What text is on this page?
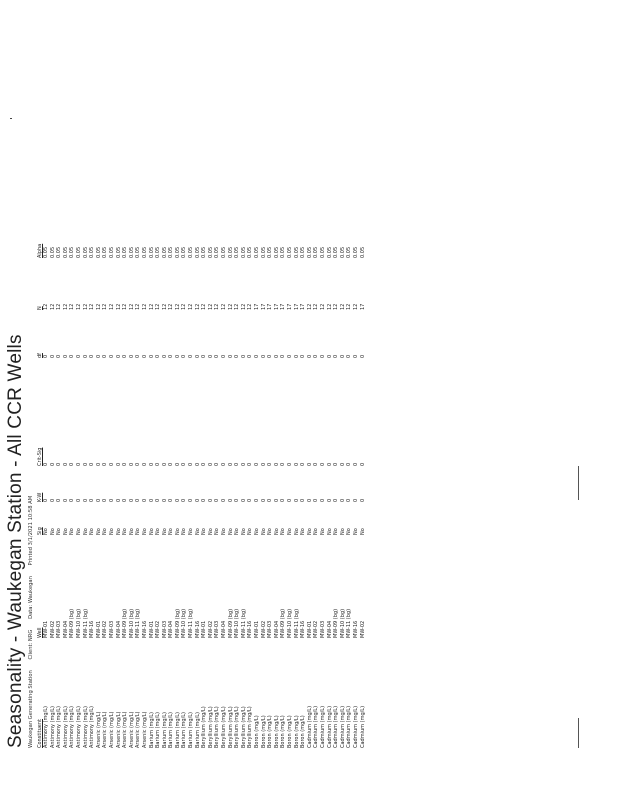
Seasonality - Waukegan Station - All CCR Wells Waukegan Generating Station Client: NRG Data: Waukegan Printed 3/1/2021 10:58 AM
Constituent
Well
Sig
K-W
Crit-Sig
df
N
Alpha
Antimony (mg/L)
MW-01
No
0
0
0
12
0.05
Antimony (mg/L)
MW-02
No
0
0
0
12
0.05
Antimony (mg/L)
MW-03
No
0
0
0
12
0.05
Antimony (mg/L)
MW-04
No
0
0
0
12
0.05
Antimony (mg/L)
MW-09 (bg)
No
0
0
0
12
0.05
Antimony (mg/L)
MW-10 (bg)
No
0
0
0
12
0.05
Antimony (mg/L)
MW-11 (bg)
No
0
0
0
12
0.05
Antimony (mg/L)
MW-16
No
0
0
0
12
0.05
Arsenic (mg/L)
MW-01
No
0
0
0
12
0.05
Arsenic (mg/L)
MW-02
No
0
0
0
12
0.05
Arsenic (mg/L)
MW-03
No
0
0
0
12
0.05
Arsenic (mg/L)
MW-04
No
0
0
0
12
0.05
Arsenic (mg/L)
MW-09 (bg)
No
0
0
0
12
0.05
Arsenic (mg/L)
MW-10 (bg)
No
0
0
0
12
0.05
Arsenic (mg/L)
MW-11 (bg)
No
0
0
0
12
0.05
Arsenic (mg/L)
MW-16
No
0
0
0
12
0.05
Barium (mg/L)
MW-01
No
0
0
0
12
0.05
Barium (mg/L)
MW-02
No
0
0
0
12
0.05
Barium (mg/L)
MW-03
No
0
0
0
12
0.05
Barium (mg/L)
MW-04
No
0
0
0
12
0.05
Barium (mg/L)
MW-09 (bg)
No
0
0
0
12
0.05
Barium (mg/L)
MW-10 (bg)
No
0
0
0
12
0.05
Barium (mg/L)
MW-11 (bg)
No
0
0
0
12
0.05
Barium (mg/L)
MW-16
No
0
0
0
12
0.05
Beryllium (mg/L)
MW-01
No
0
0
0
12
0.05
Beryllium (mg/L)
MW-02
No
0
0
0
12
0.05
Beryllium (mg/L)
MW-03
No
0
0
0
12
0.05
Beryllium (mg/L)
MW-04
No
0
0
0
12
0.05
Beryllium (mg/L)
MW-09 (bg)
No
0
0
0
12
0.05
Beryllium (mg/L)
MW-10 (bg)
No
0
0
0
12
0.05
Beryllium (mg/L)
MW-11 (bg)
No
0
0
0
12
0.05
Beryllium (mg/L)
MW-16
No
0
0
0
12
0.05
Boron (mg/L)
MW-01
No
0
0
0
17
0.05
Boron (mg/L)
MW-02
No
0
0
0
17
0.05
Boron (mg/L)
MW-03
No
0
0
0
17
0.05
Boron (mg/L)
MW-04
No
0
0
0
17
0.05
Boron (mg/L)
MW-09 (bg)
No
0
0
0
17
0.05
Boron (mg/L)
MW-10 (bg)
No
0
0
0
17
0.05
Boron (mg/L)
MW-11 (bg)
No
0
0
0
17
0.05
Boron (mg/L)
MW-16
No
0
0
0
17
0.05
Cadmium (mg/L)
MW-01
No
0
0
0
12
0.05
Cadmium (mg/L)
MW-02
No
0
0
0
12
0.05
Cadmium (mg/L)
MW-03
No
0
0
0
12
0.05
Cadmium (mg/L)
MW-04
No
0
0
0
12
0.05
Cadmium (mg/L)
MW-09 (bg)
No
0
0
0
12
0.05
Cadmium (mg/L)
MW-10 (bg)
No
0
0
0
12
0.05
Cadmium (mg/L)
MW-11 (bg)
No
0
0
0
12
0.05
Cadmium (mg/L)
MW-16
No
0
0
0
12
0.05
Cadmium (mg/L)
MW-02
No
0
0
0
17
0.05
